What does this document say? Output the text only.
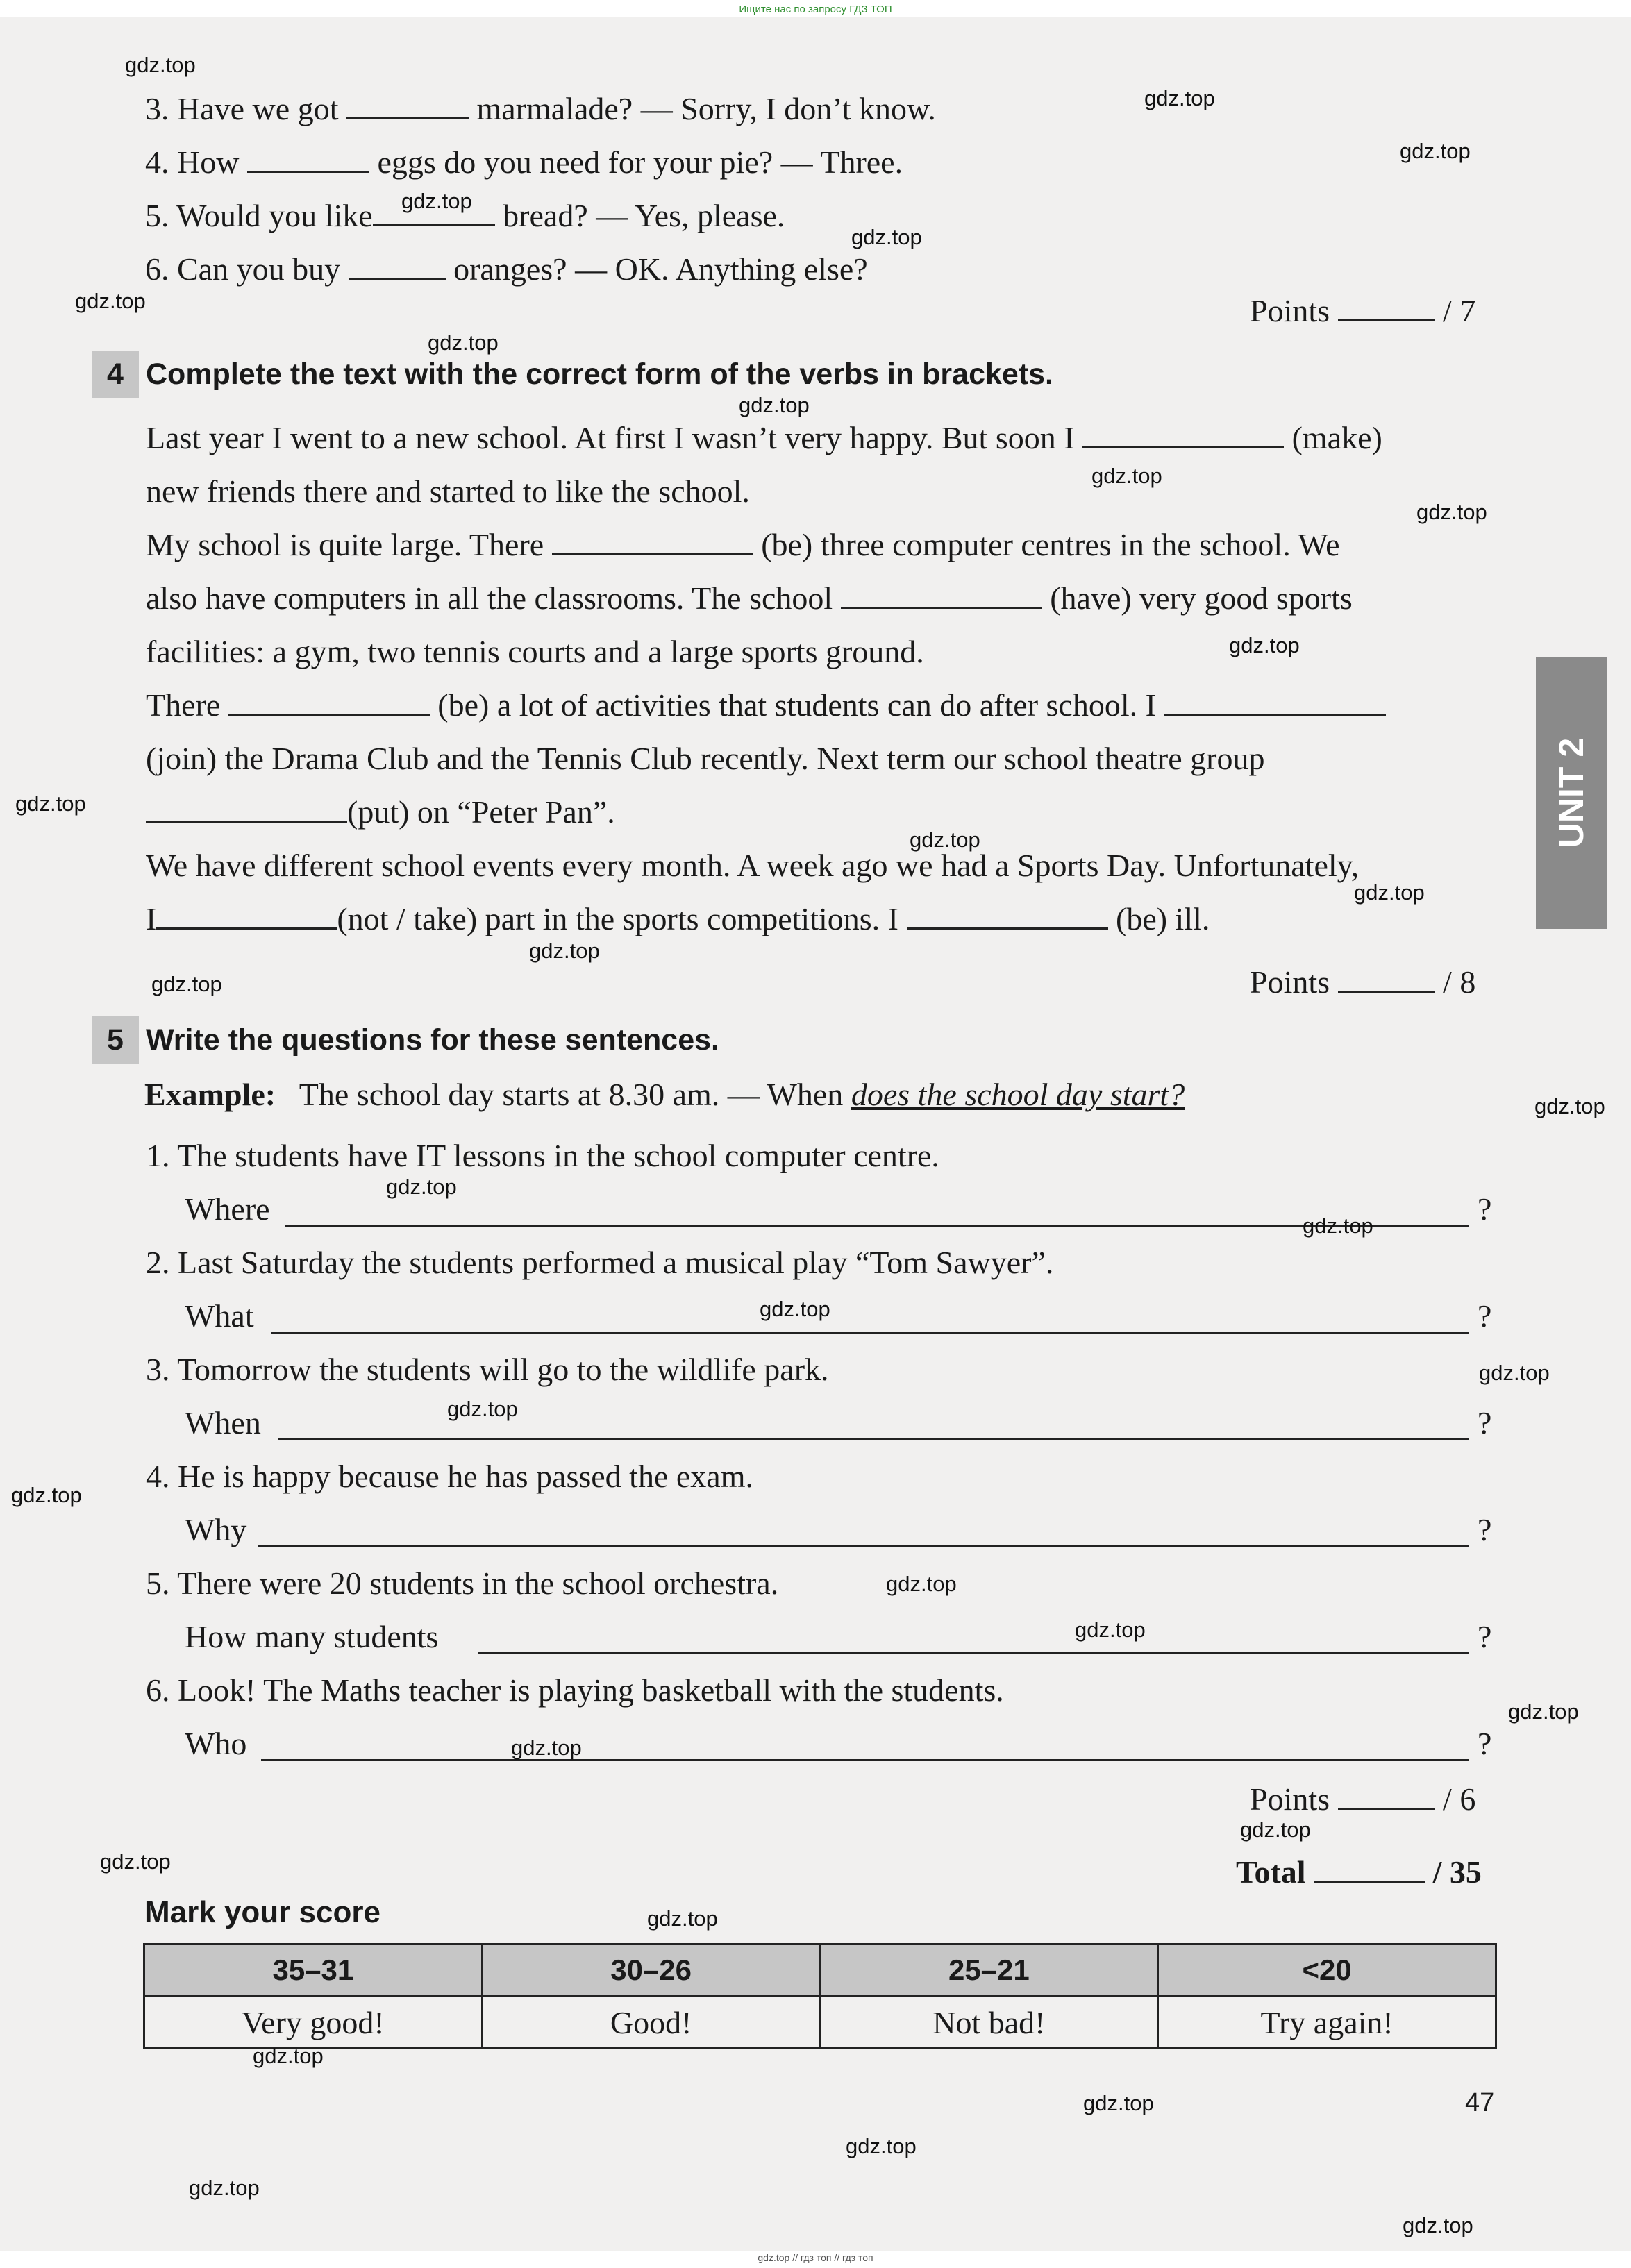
Ищите нас по запросу ГДЗ ТОП

UNIT 2
3. Have we got	marmalade? — Sorry, I don’t know.
4. How	eggs do you need for your pie? — Three.
5. Would you like	bread? — Yes, please.
6. Can you buy	oranges? — OK. Anything else?
Points	/ 7
4 Complete the text with the correct form of the verbs in brackets.
Last year I went to a new school. At first I wasn’t very happy. But soon I	(make)
new friends there and started to like the school.
My school is quite large. There	(be) three computer centres in the school. We
also have computers in all the classrooms. The school	(have) very good sports
facilities: a gym, two tennis courts and a large sports ground.
There	(be) a lot of activities that students can do after school. I
(join) the Drama Club and the Tennis Club recently. Next term our school theatre group
(put) on “Peter Pan”.
We have different school events every month. A week ago we had a Sports Day. Unfortunately,
I	(not / take) part in the sports competitions. I	(be) ill.
Points	/ 8
5 Write the questions for these sentences.
Example: The school day starts at 8.30 am. — When does the school day start?
1. The students have IT lessons in the school computer centre.
Where	?
2. Last Saturday the students performed a musical play “Tom Sawyer”.
What	?
3. Tomorrow the students will go to the wildlife park.
When	?
4. He is happy because he has passed the exam.
Why	?
5. There were 20 students in the school orchestra.
How many students	?
6. Look! The Maths teacher is playing basketball with the students.
Who	?
Points	/ 6
Total	/ 35
Mark your score
35–31	30–26	25–21	<20
Very good!	Good!	Not bad!	Try again!
47
gdz.top
gdz.top
gdz.top
gdz.top
gdz.top
gdz.top
gdz.top
gdz.top
gdz.top
gdz.top
gdz.top
gdz.top
gdz.top
gdz.top
gdz.top
gdz.top
gdz.top
gdz.top
gdz.top
gdz.top
gdz.top
gdz.top
gdz.top
gdz.top
gdz.top
gdz.top
gdz.top
gdz.top
gdz.top
gdz.top
gdz.top
gdz.top
gdz.top
gdz.top
gdz.top
gdz.top // гдз топ // гдз топ
